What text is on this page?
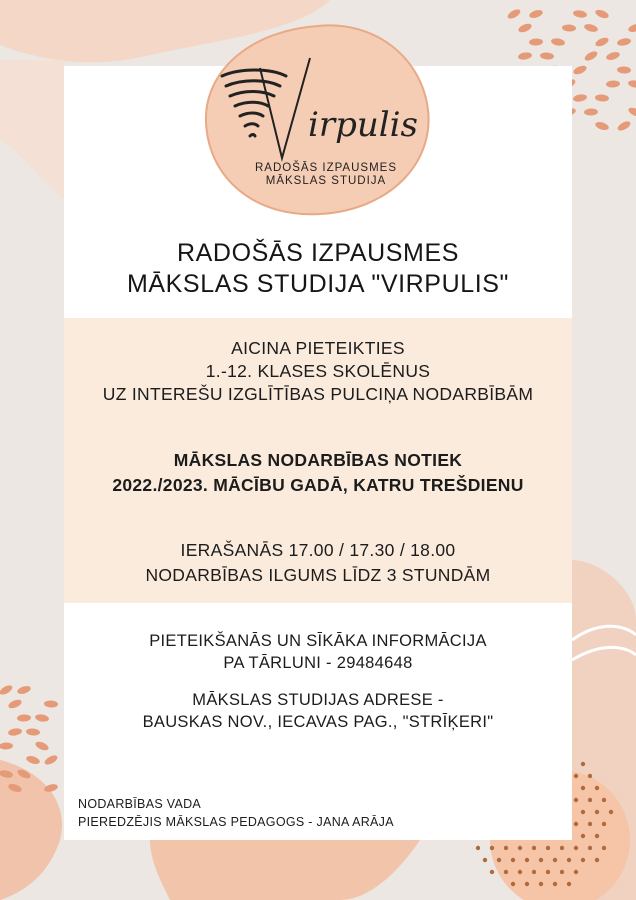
irpulis
RADOŠĀS IZPAUSMES
MĀKSLAS STUDIJA
RADOŠĀS IZPAUSMES
MĀKSLAS STUDIJA "VIRPULIS"
AICINA PIETEIKTIES
1.-12. KLASES SKOLĒNUS
UZ INTEREŠU IZGLĪTĪBAS PULCIŅA NODARBĪBĀM
MĀKSLAS NODARBĪBAS NOTIEK
2022./2023. MĀCĪBU GADĀ, KATRU TREŠDIENU
IERAŠANĀS 17.00 / 17.30 / 18.00
NODARBĪBAS ILGUMS LĪDZ 3 STUNDĀM
PIETEIKŠANĀS UN SĪKĀKA INFORMĀCIJA
PA TĀRLUNI - 29484648
MĀKSLAS STUDIJAS ADRESE -
BAUSKAS NOV., IECAVAS PAG., "STRĪĶERI"
NODARBĪBAS VADA
PIEREDZĒJIS MĀKSLAS PEDAGOGS - JANA ARĀJA
